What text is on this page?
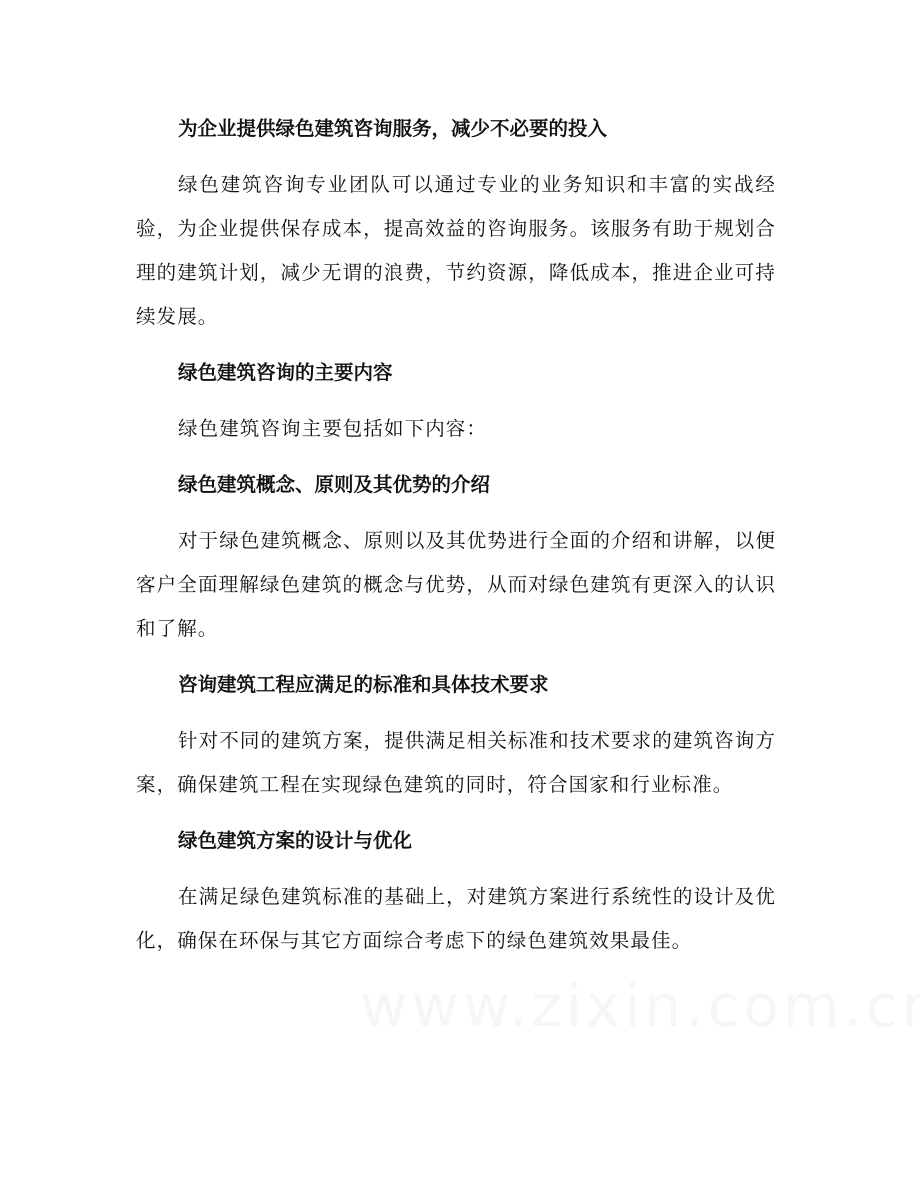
为企业提供绿色建筑咨询服务，减少不必要的投入
绿色建筑咨询专业团队可以通过专业的业务知识和丰富的实战经验，为企业提供保存成本，提高效益的咨询服务。该服务有助于规划合理的建筑计划，减少无谓的浪费，节约资源，降低成本，推进企业可持续发展。
绿色建筑咨询的主要内容
绿色建筑咨询主要包括如下内容：
绿色建筑概念、原则及其优势的介绍
对于绿色建筑概念、原则以及其优势进行全面的介绍和讲解，以便客户全面理解绿色建筑的概念与优势，从而对绿色建筑有更深入的认识和了解。
咨询建筑工程应满足的标准和具体技术要求
针对不同的建筑方案，提供满足相关标准和技术要求的建筑咨询方案，确保建筑工程在实现绿色建筑的同时，符合国家和行业标准。
绿色建筑方案的设计与优化
在满足绿色建筑标准的基础上，对建筑方案进行系统性的设计及优化，确保在环保与其它方面综合考虑下的绿色建筑效果最佳。
